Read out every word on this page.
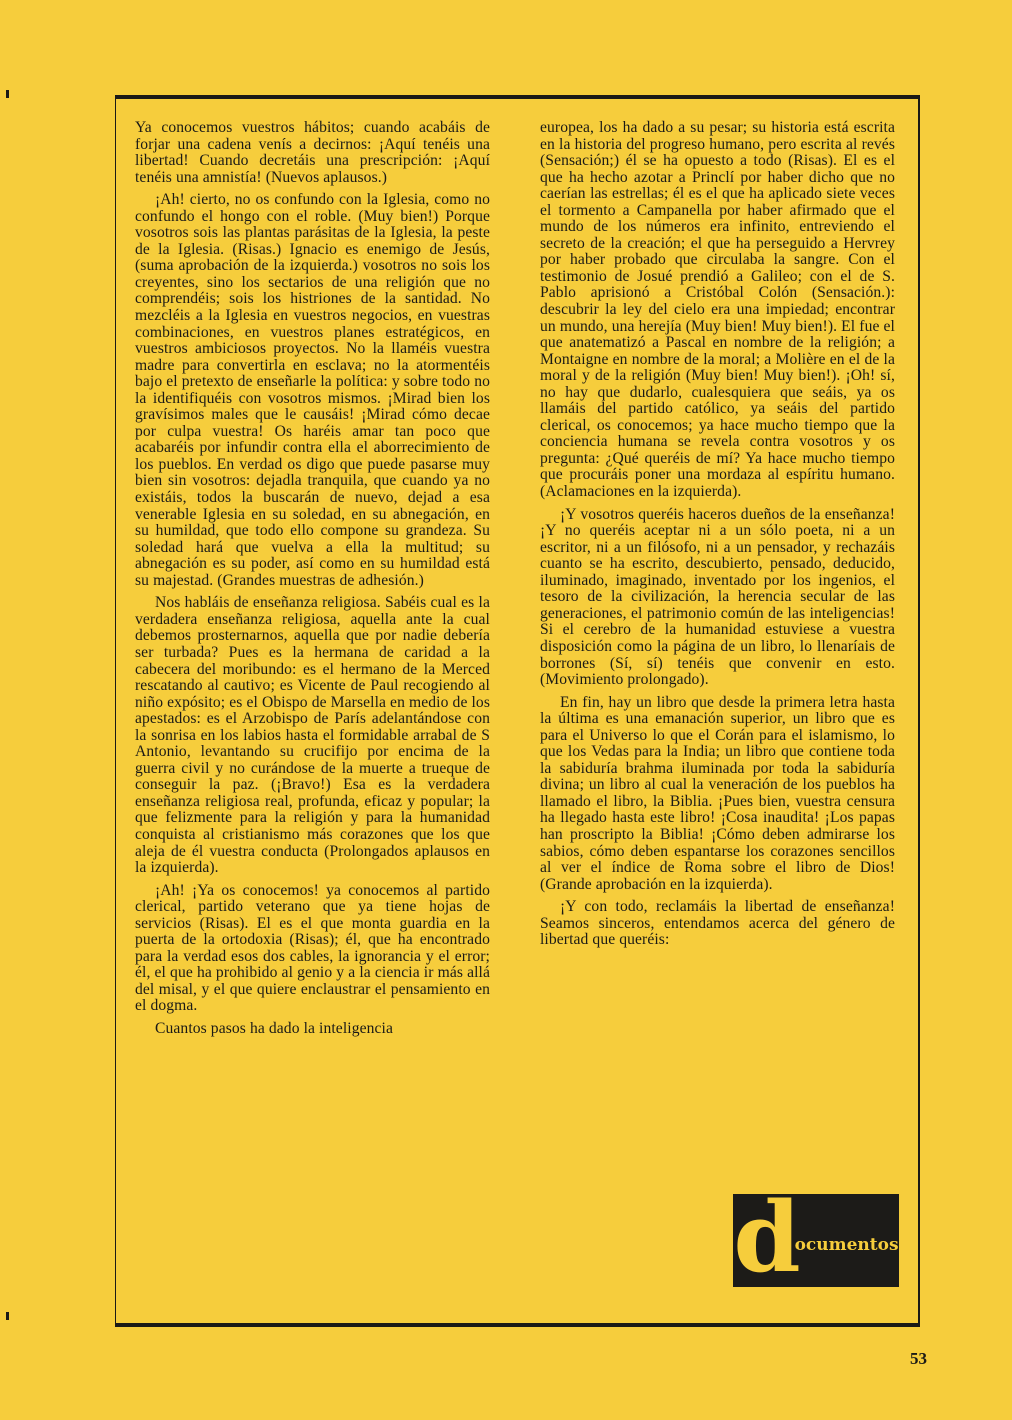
Ya conocemos vuestros hábitos; cuando acabáis de forjar una cadena venís a decirnos: ¡Aquí tenéis una libertad! Cuando decretáis una prescripción: ¡Aquí tenéis una amnistía! (Nuevos aplausos.)

¡Ah! cierto, no os confundo con la Iglesia, como no confundo el hongo con el roble. (Muy bien!) Porque vosotros sois las plantas parásitas de la Iglesia, la peste de la Iglesia. (Risas.) Ignacio es enemigo de Jesús, (suma aprobación de la izquierda.) vosotros no sois los creyentes, sino los sectarios de una religión que no comprendéis; sois los histriones de la santidad. No mezcléis a la Iglesia en vuestros negocios, en vuestras combinaciones, en vuestros planes estratégicos, en vuestros ambiciosos proyectos. No la llaméis vuestra madre para convertirla en esclava; no la atormentéis bajo el pretexto de enseñarle la política: y sobre todo no la identifiquéis con vosotros mismos. ¡Mirad bien los gravísimos males que le causáis! ¡Mirad cómo decae por culpa vuestra! Os haréis amar tan poco que acabaréis por infundir contra ella el aborrecimiento de los pueblos. En verdad os digo que puede pasarse muy bien sin vosotros: dejadla tranquila, que cuando ya no existáis, todos la buscarán de nuevo, dejad a esa venerable Iglesia en su soledad, en su abnegación, en su humildad, que todo ello compone su grandeza. Su soledad hará que vuelva a ella la multitud; su abnegación es su poder, así como en su humildad está su majestad. (Grandes muestras de adhesión.)

Nos habláis de enseñanza religiosa. Sabéis cual es la verdadera enseñanza religiosa, aquella ante la cual debemos prosternarnos, aquella que por nadie debería ser turbada? Pues es la hermana de caridad a la cabecera del moribundo: es el hermano de la Merced rescatando al cautivo; es Vicente de Paul recogiendo al niño expósito; es el Obispo de Marsella en medio de los apestados: es el Arzobispo de París adelantándose con la sonrisa en los labios hasta el formidable arrabal de S Antonio, levantando su crucifijo por encima de la guerra civil y no curándose de la muerte a trueque de conseguir la paz. (¡Bravo!) Esa es la verdadera enseñanza religiosa real, profunda, eficaz y popular; la que felizmente para la religión y para la humanidad conquista al cristianismo más corazones que los que aleja de él vuestra conducta (Prolongados aplausos en la izquierda).

¡Ah! ¡Ya os conocemos! ya conocemos al partido clerical, partido veterano que ya tiene hojas de servicios (Risas). El es el que monta guardia en la puerta de la ortodoxia (Risas); él, que ha encontrado para la verdad esos dos cables, la ignorancia y el error; él, el que ha prohibido al genio y a la ciencia ir más allá del misal, y el que quiere enclaustrar el pensamiento en el dogma.

Cuantos pasos ha dado la inteligencia

europea, los ha dado a su pesar; su historia está escrita en la historia del progreso humano, pero escrita al revés (Sensación;) él se ha opuesto a todo (Risas). El es el que ha hecho azotar a Princlí por haber dicho que no caerían las estrellas; él es el que ha aplicado siete veces el tormento a Campanella por haber afirmado que el mundo de los números era infinito, entreviendo el secreto de la creación; el que ha perseguido a Hervrey por haber probado que circulaba la sangre. Con el testimonio de Josué prendió a Galileo; con el de S. Pablo aprisionó a Cristóbal Colón (Sensación.): descubrir la ley del cielo era una impiedad; encontrar un mundo, una herejía (Muy bien! Muy bien!). El fue el que anatematizó a Pascal en nombre de la religión; a Montaigne en nombre de la moral; a Molière en el de la moral y de la religión (Muy bien! Muy bien!). ¡Oh! sí, no hay que dudarlo, cualesquiera que seáis, ya os llamáis del partido católico, ya seáis del partido clerical, os conocemos; ya hace mucho tiempo que la conciencia humana se revela contra vosotros y os pregunta: ¿Qué queréis de mí? Ya hace mucho tiempo que procuráis poner una mordaza al espíritu humano. (Aclamaciones en la izquierda).

¡Y vosotros queréis haceros dueños de la enseñanza! ¡Y no queréis aceptar ni a un sólo poeta, ni a un escritor, ni a un filósofo, ni a un pensador, y rechazáis cuanto se ha escrito, descubierto, pensado, deducido, iluminado, imaginado, inventado por los ingenios, el tesoro de la civilización, la herencia secular de las generaciones, el patrimonio común de las inteligencias! Si el cerebro de la humanidad estuviese a vuestra disposición como la página de un libro, lo llenaríais de borrones (Sí, sí) tenéis que convenir en esto. (Movimiento prolongado).

En fin, hay un libro que desde la primera letra hasta la última es una emanación superior, un libro que es para el Universo lo que el Corán para el islamismo, lo que los Vedas para la India; un libro que contiene toda la sabiduría brahma iluminada por toda la sabiduría divina; un libro al cual la veneración de los pueblos ha llamado el libro, la Biblia. ¡Pues bien, vuestra censura ha llegado hasta este libro! ¡Cosa inaudita! ¡Los papas han proscripto la Biblia! ¡Cómo deben admirarse los sabios, cómo deben espantarse los corazones sencillos al ver el índice de Roma sobre el libro de Dios! (Grande aprobación en la izquierda).

¡Y con todo, reclamáis la libertad de enseñanza! Seamos sinceros, entendamos acerca del género de libertad que queréis:

d
ocumentos
53
